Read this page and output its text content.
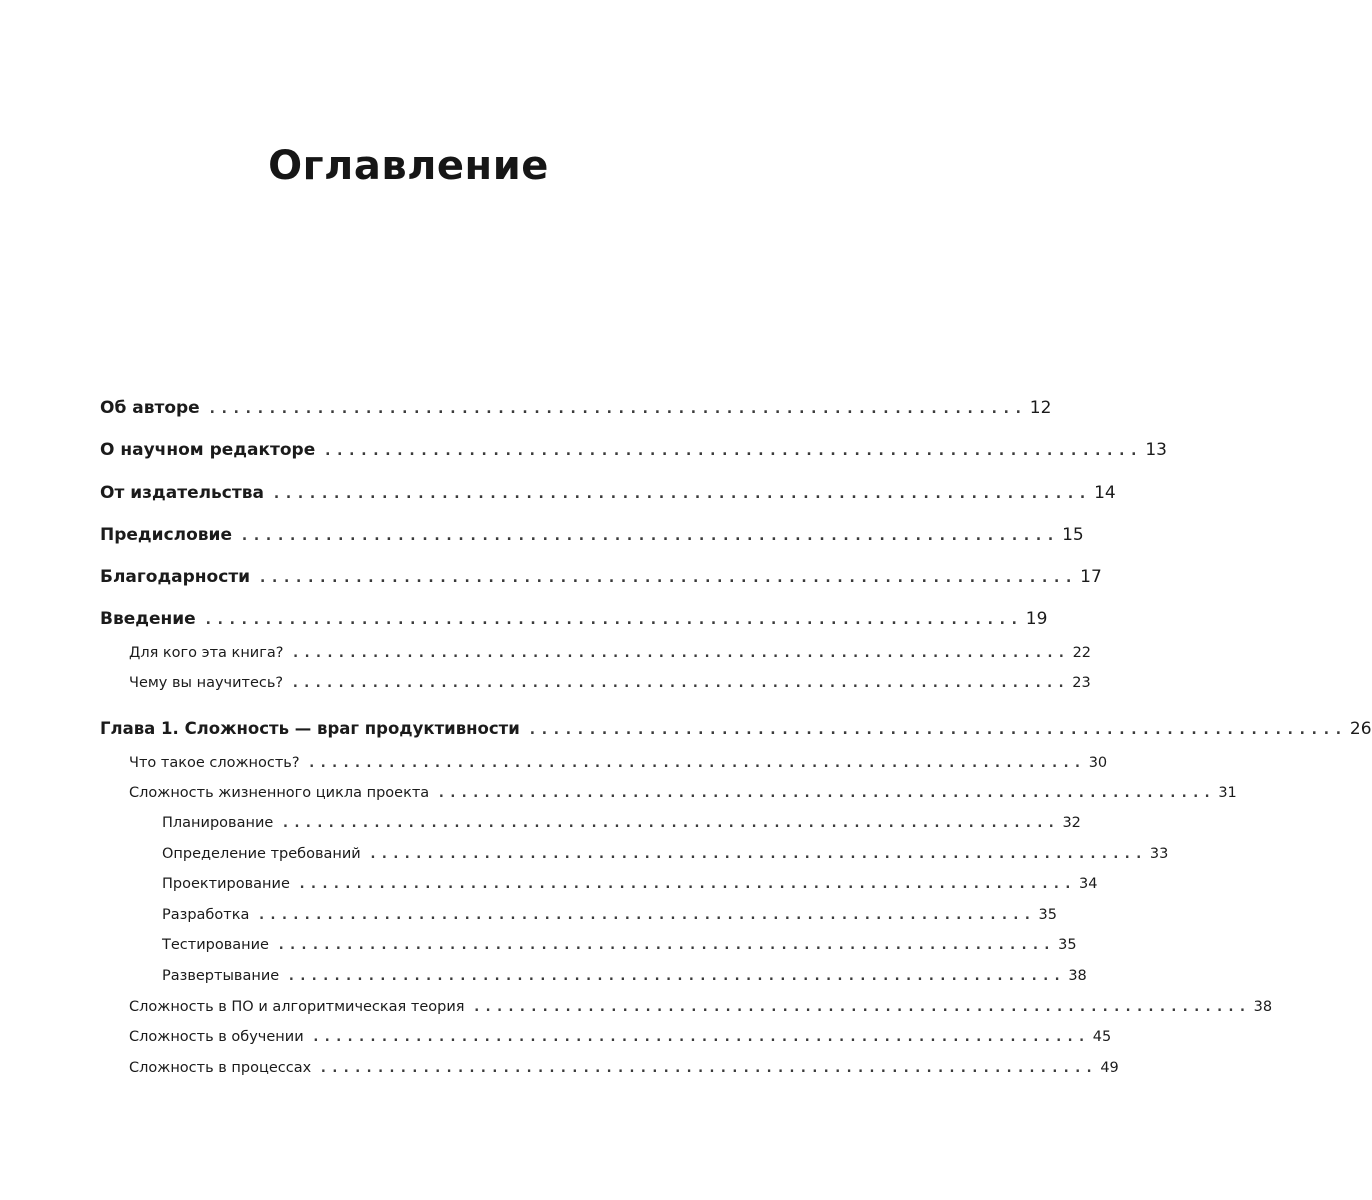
Оглавление
Об авторе .................................................................... 12
О научном редакторе .................................................................... 13
От издательства .................................................................... 14
Предисловие .................................................................... 15
Благодарности .................................................................... 17
Введение .................................................................... 19
Для кого эта книга? .................................................................... 22
Чему вы научитесь? .................................................................... 23
Глава 1. Сложность — враг продуктивности .................................................................... 26
Что такое сложность? .................................................................... 30
Сложность жизненного цикла проекта .................................................................... 31
Планирование .................................................................... 32
Определение требований .................................................................... 33
Проектирование .................................................................... 34
Разработка .................................................................... 35
Тестирование .................................................................... 35
Развертывание .................................................................... 38
Сложность в ПО и алгоритмическая теория .................................................................... 38
Сложность в обучении .................................................................... 45
Сложность в процессах .................................................................... 49
